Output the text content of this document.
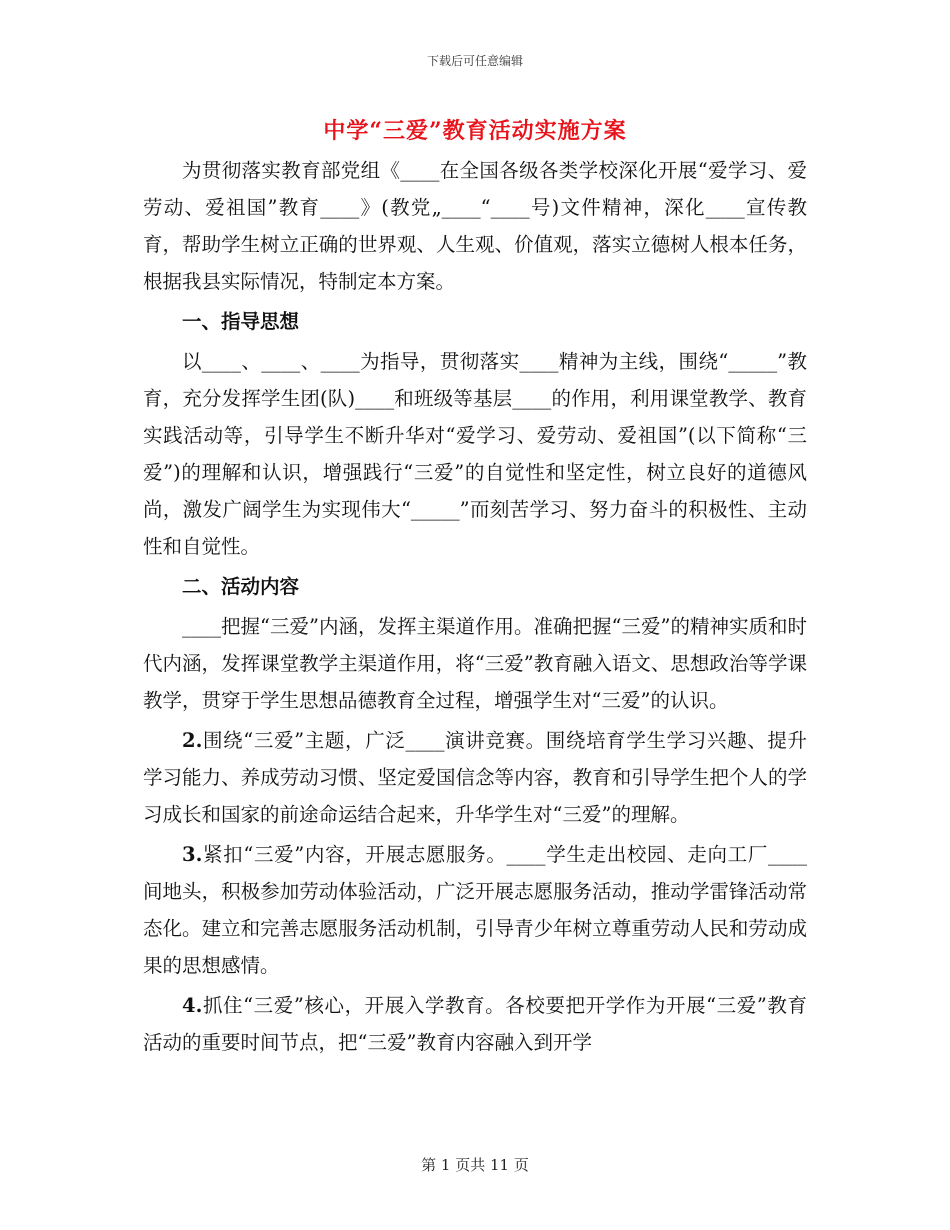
下载后可任意编辑
中学“三爱”教育活动实施方案

为贯彻落实教育部党组《____在全国各级各类学校深化开展“爱学习、爱劳动、爱祖国”教育____》(教党„____“____号)文件精神，深化____宣传教育，帮助学生树立正确的世界观、人生观、价值观，落实立德树人根本任务，根据我县实际情况，特制定本方案。

一、指导思想

以____、____、____为指导，贯彻落实____精神为主线，围绕“_____”教育，充分发挥学生团(队)____和班级等基层____的作用，利用课堂教学、教育实践活动等，引导学生不断升华对“爱学习、爱劳动、爱祖国”(以下简称“三爱”)的理解和认识，增强践行“三爱”的自觉性和坚定性，树立良好的道德风尚，激发广阔学生为实现伟大“_____”而刻苦学习、努力奋斗的积极性、主动性和自觉性。

二、活动内容

____把握“三爱”内涵，发挥主渠道作用。准确把握“三爱”的精神实质和时代内涵，发挥课堂教学主渠道作用，将“三爱”教育融入语文、思想政治等学课教学，贯穿于学生思想品德教育全过程，增强学生对“三爱”的认识。

2.围绕“三爱”主题，广泛____演讲竞赛。围绕培育学生学习兴趣、提升学习能力、养成劳动习惯、坚定爱国信念等内容，教育和引导学生把个人的学习成长和国家的前途命运结合起来，升华学生对“三爱”的理解。

3.紧扣“三爱”内容，开展志愿服务。____学生走出校园、走向工厂____间地头，积极参加劳动体验活动，广泛开展志愿服务活动，推动学雷锋活动常态化。建立和完善志愿服务活动机制，引导青少年树立尊重劳动人民和劳动成果的思想感情。

4.抓住“三爱”核心，开展入学教育。各校要把开学作为开展“三爱”教育活动的重要时间节点，把“三爱”教育内容融入到开学

第 1 页共 11 页
